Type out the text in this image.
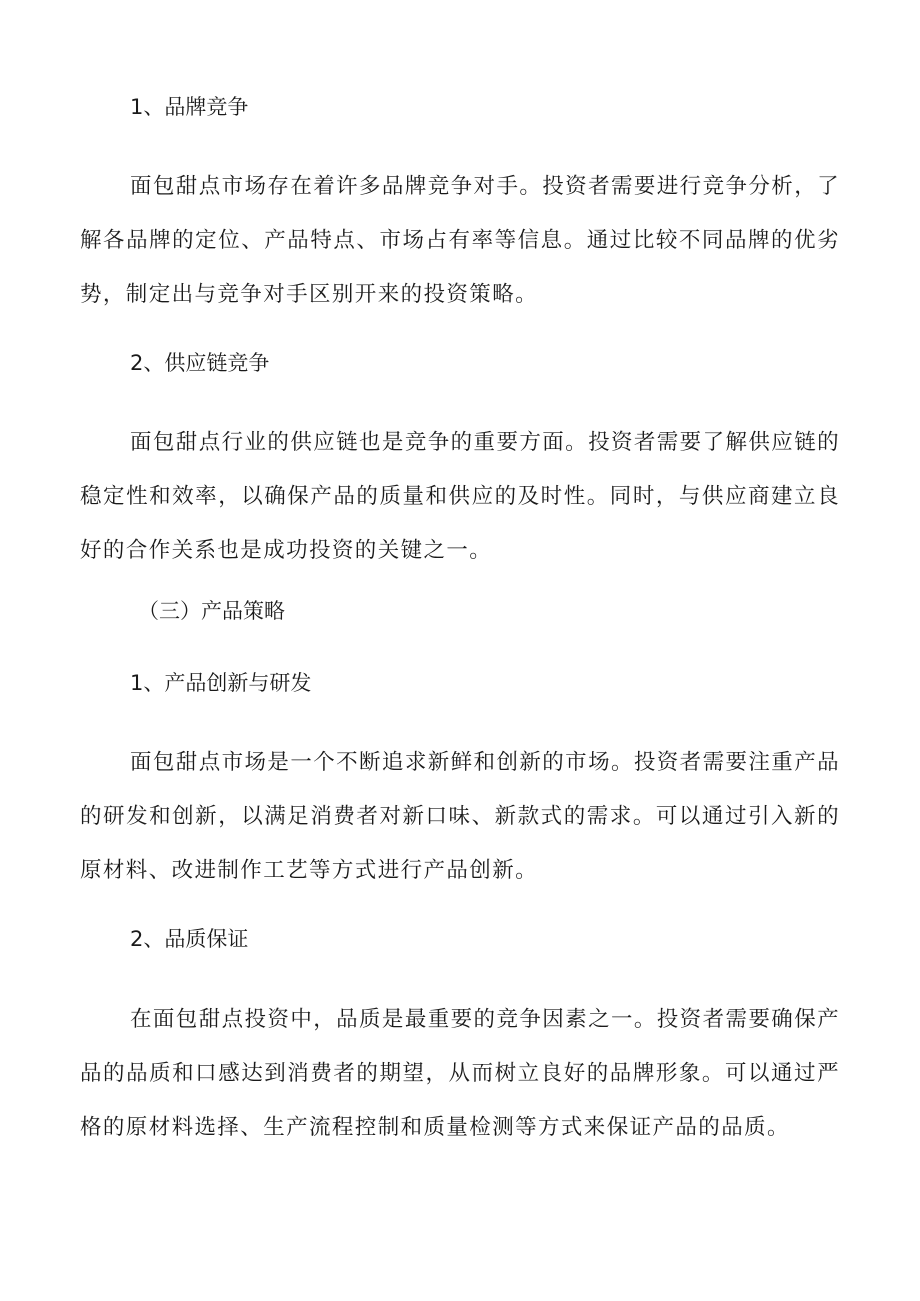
1、品牌竞争

面包甜点市场存在着许多品牌竞争对手。投资者需要进行竞争分析，了解各品牌的定位、产品特点、市场占有率等信息。通过比较不同品牌的优劣势，制定出与竞争对手区别开来的投资策略。

2、供应链竞争

面包甜点行业的供应链也是竞争的重要方面。投资者需要了解供应链的稳定性和效率，以确保产品的质量和供应的及时性。同时，与供应商建立良好的合作关系也是成功投资的关键之一。

（三）产品策略
1、产品创新与研发

面包甜点市场是一个不断追求新鲜和创新的市场。投资者需要注重产品的研发和创新，以满足消费者对新口味、新款式的需求。可以通过引入新的原材料、改进制作工艺等方式进行产品创新。

2、品质保证

在面包甜点投资中，品质是最重要的竞争因素之一。投资者需要确保产品的品质和口感达到消费者的期望，从而树立良好的品牌形象。可以通过严格的原材料选择、生产流程控制和质量检测等方式来保证产品的品质。
